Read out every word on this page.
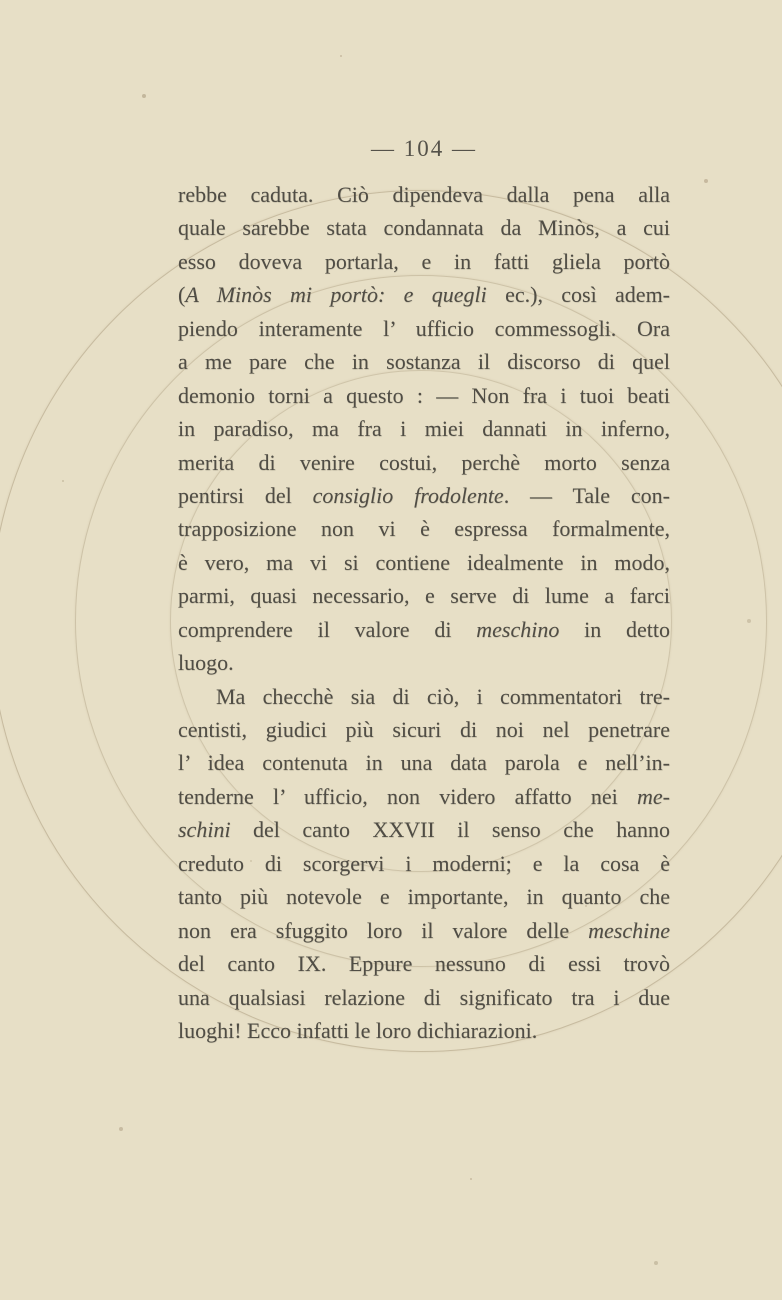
— 104 —
rebbe caduta. Ciò dipendeva dalla pena alla
quale sarebbe stata condannata da Minòs, a cui
esso doveva portarla, e in fatti gliela portò
(A Minòs mi portò: e quegli ec.), così adem-
piendo interamente l’ ufficio commessogli. Ora
a me pare che in sostanza il discorso di quel
demonio torni a questo : — Non fra i tuoi beati
in paradiso, ma fra i miei dannati in inferno,
merita di venire costui, perchè morto senza
pentirsi del consiglio frodolente. — Tale con-
trapposizione non vi è espressa formalmente,
è vero, ma vi si contiene idealmente in modo,
parmi, quasi necessario, e serve di lume a farci
comprendere il valore di meschino in detto
luogo.
Ma checchè sia di ciò, i commentatori tre-
centisti, giudici più sicuri di noi nel penetrare
l’ idea contenuta in una data parola e nell’in-
tenderne l’ ufficio, non videro affatto nei me-
schini del canto XXVII il senso che hanno
creduto di scorgervi i moderni; e la cosa è
tanto più notevole e importante, in quanto che
non era sfuggito loro il valore delle meschine
del canto IX. Eppure nessuno di essi trovò
una qualsiasi relazione di significato tra i due
luoghi! Ecco infatti le loro dichiarazioni.
